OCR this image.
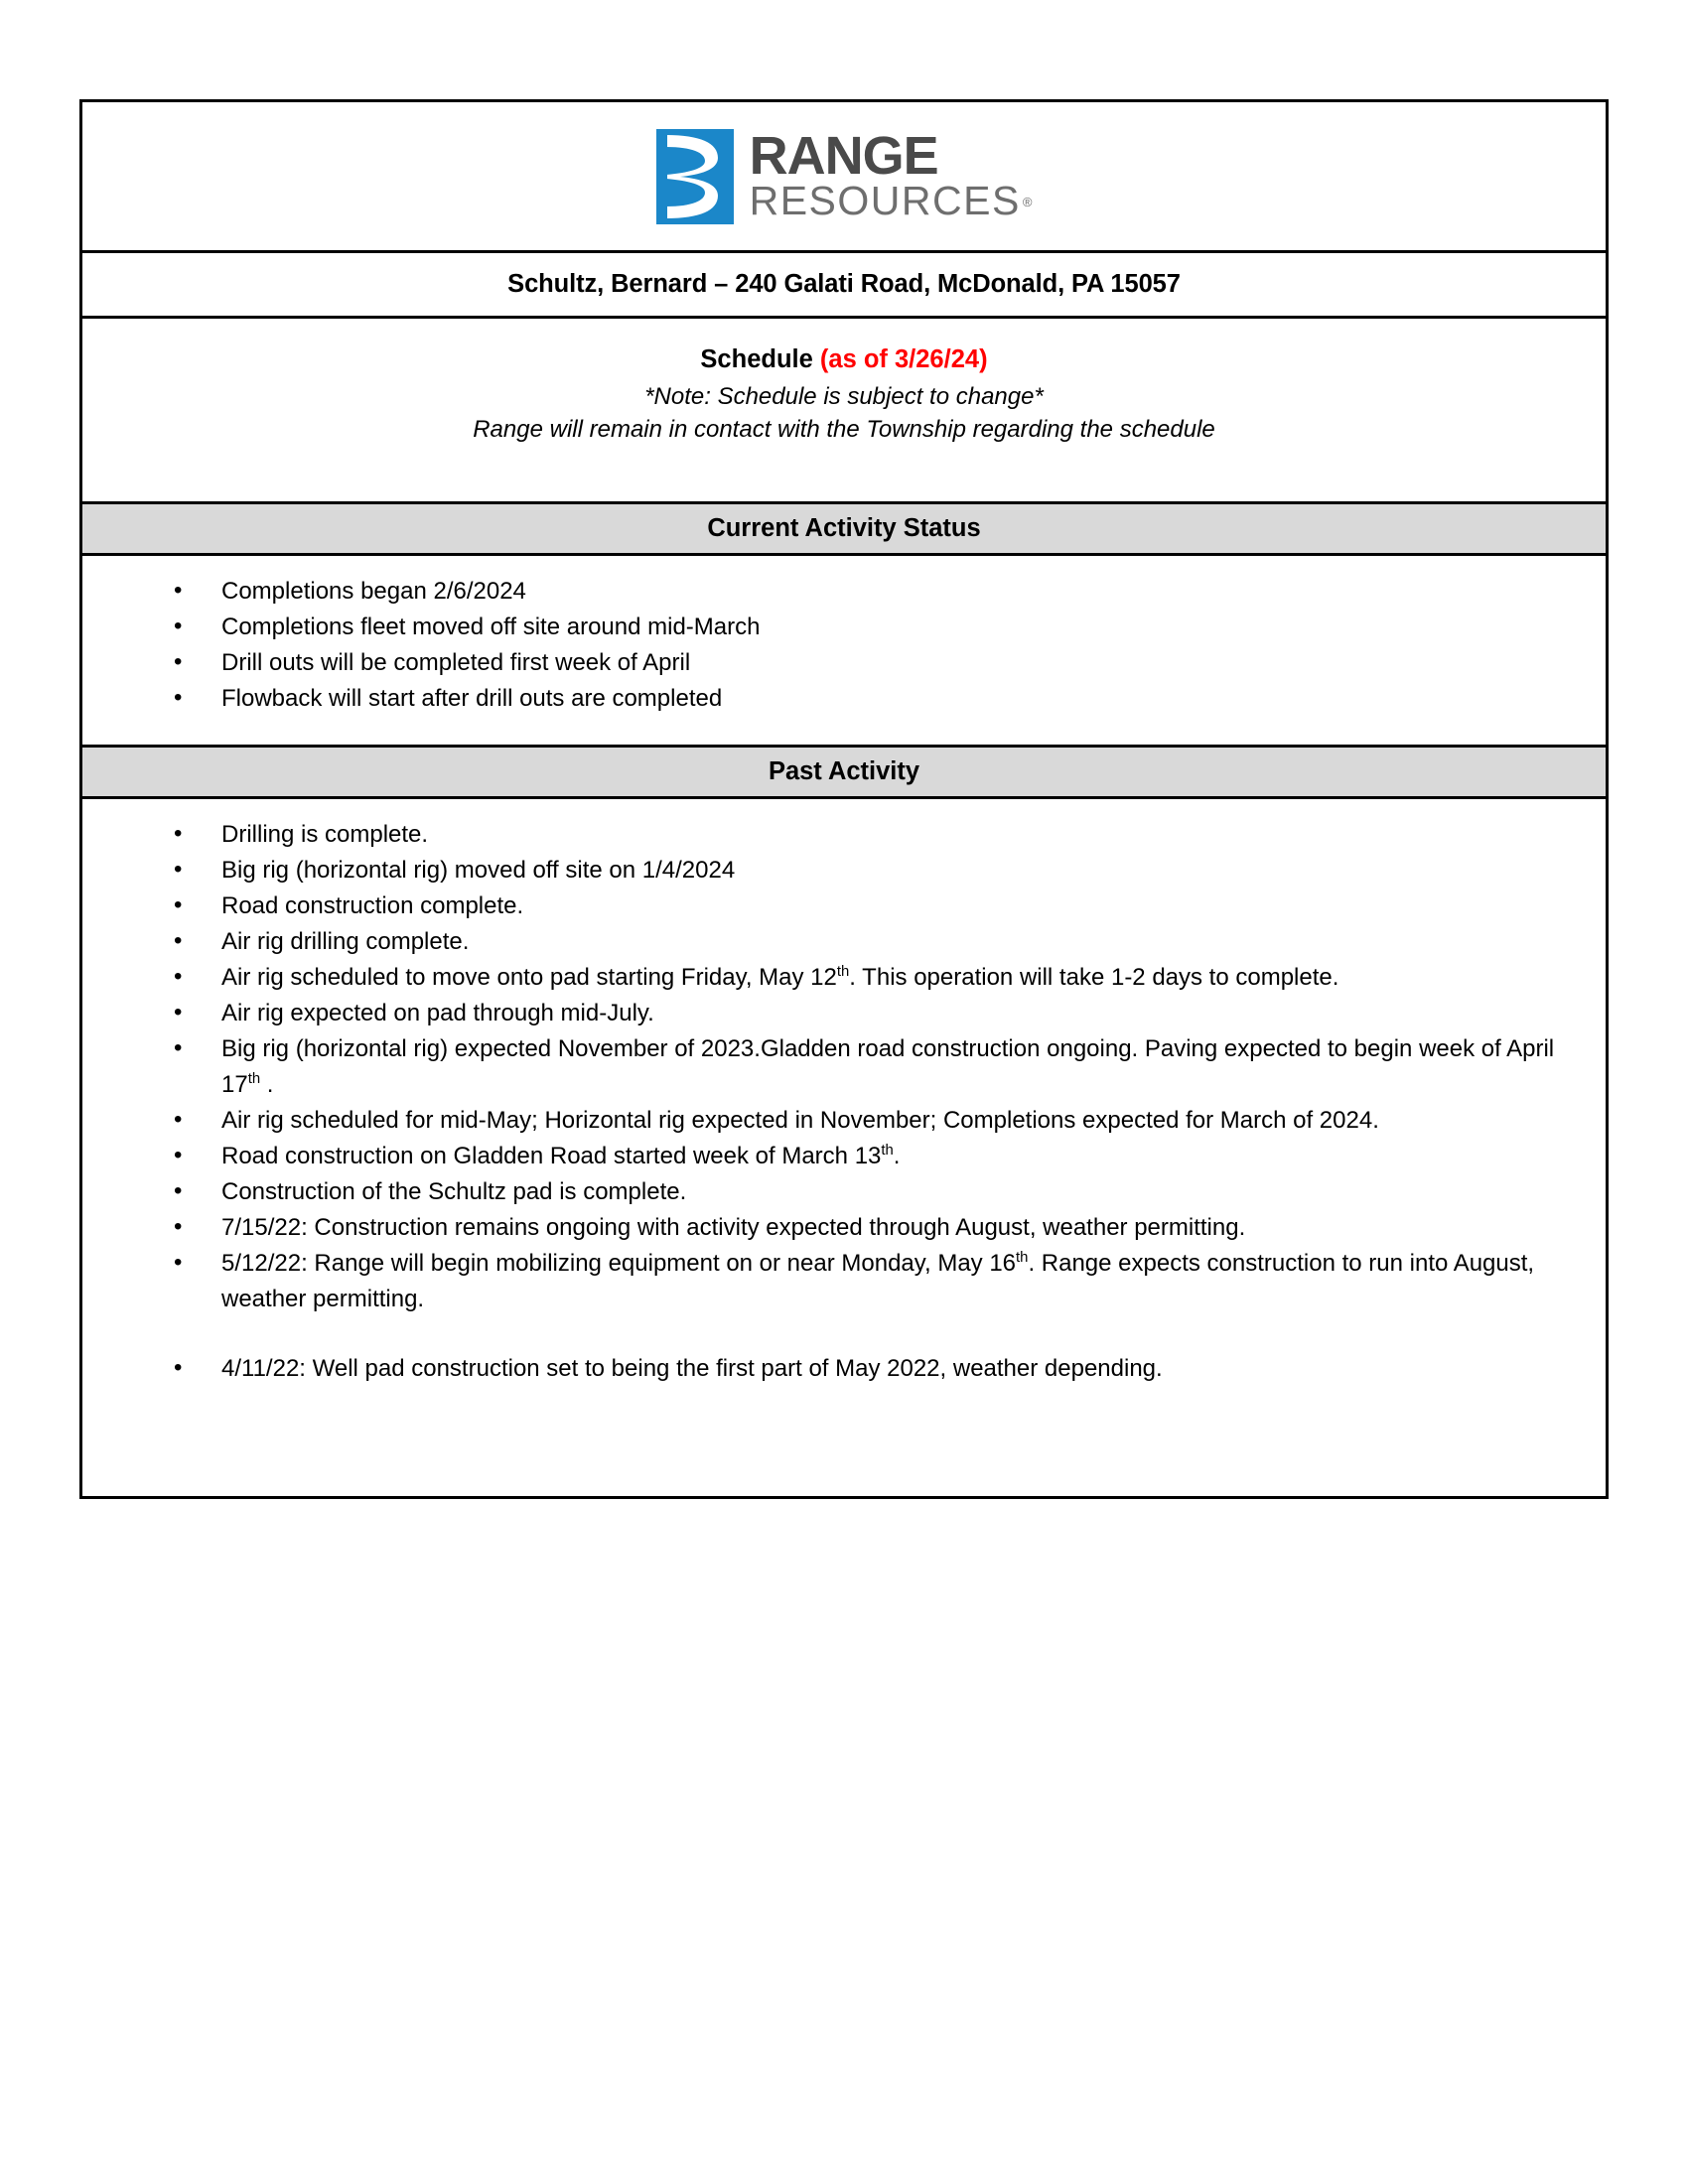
RANGE
RESOURCES ®
Schultz, Bernard – 240 Galati Road, McDonald, PA 15057
Schedule (as of 3/26/24)
*Note: Schedule is subject to change*
Range will remain in contact with the Township regarding the schedule
Current Activity Status
• Completions began 2/6/2024
• Completions fleet moved off site around mid-March
• Drill outs will be completed first week of April
• Flowback will start after drill outs are completed
Past Activity
• Drilling is complete.
• Big rig (horizontal rig) moved off site on 1/4/2024
• Road construction complete.
• Air rig drilling complete.
• Air rig scheduled to move onto pad starting Friday, May 12th. This operation will take 1-2 days to complete.
• Air rig expected on pad through mid-July.
• Big rig (horizontal rig) expected November of 2023.Gladden road construction ongoing. Paving expected to begin week of April 17th .
• Air rig scheduled for mid-May; Horizontal rig expected in November; Completions expected for March of 2024.
• Road construction on Gladden Road started week of March 13th.
• Construction of the Schultz pad is complete.
• 7/15/22: Construction remains ongoing with activity expected through August, weather permitting.
• 5/12/22: Range will begin mobilizing equipment on or near Monday, May 16th. Range expects construction to run into August, weather permitting.
• 4/11/22: Well pad construction set to being the first part of May 2022, weather depending.
